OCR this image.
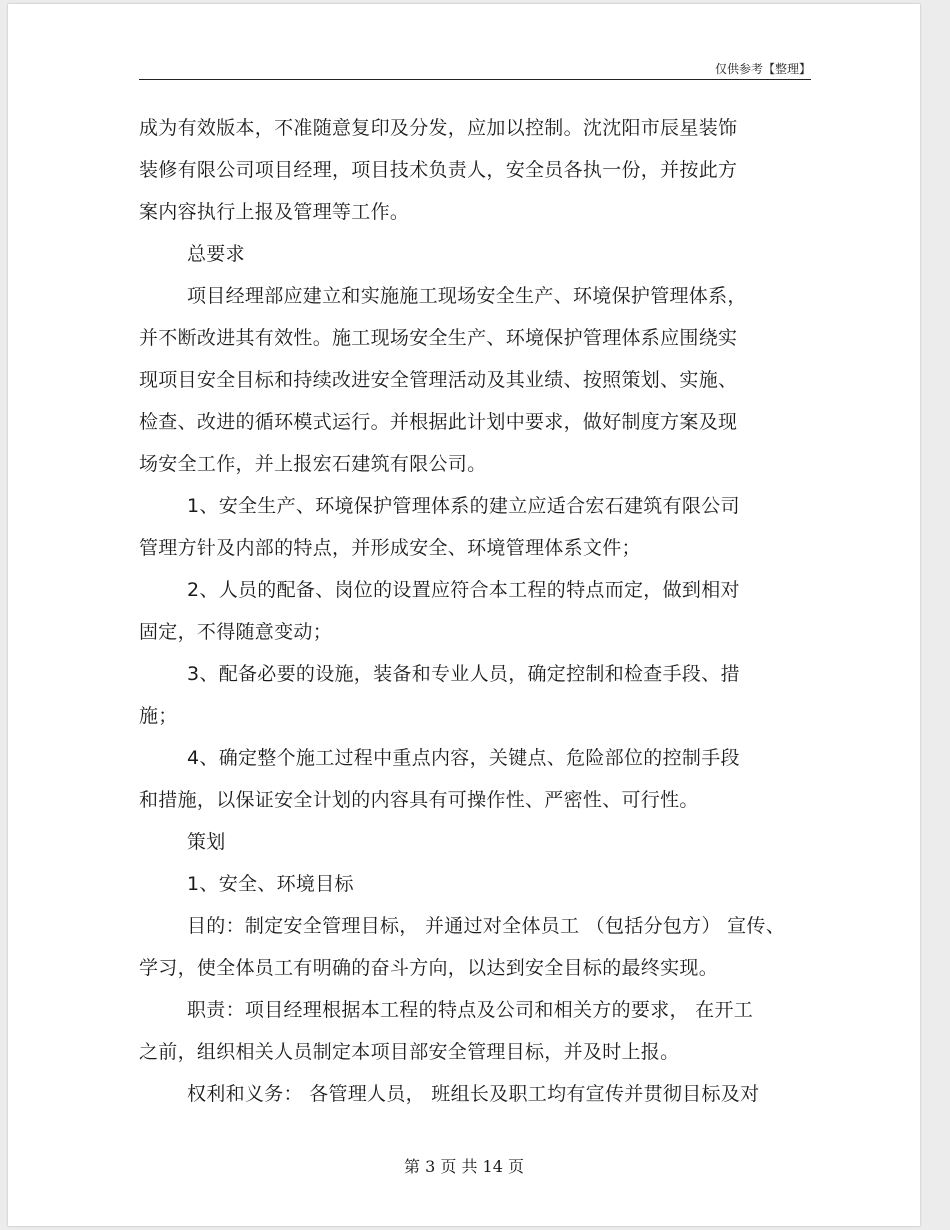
仅供参考【整理】
成为有效版本，不准随意复印及分发，应加以控制。沈沈阳市辰星装饰
装修有限公司项目经理，项目技术负责人，安全员各执一份，并按此方
案内容执行上报及管理等工作。
总要求
项目经理部应建立和实施施工现场安全生产、环境保护管理体系，
并不断改进其有效性。施工现场安全生产、环境保护管理体系应围绕实
现项目安全目标和持续改进安全管理活动及其业绩、按照策划、实施、
检查、改进的循环模式运行。并根据此计划中要求，做好制度方案及现
场安全工作，并上报宏石建筑有限公司。
1、安全生产、环境保护管理体系的建立应适合宏石建筑有限公司
管理方针及内部的特点，并形成安全、环境管理体系文件；
2、人员的配备、岗位的设置应符合本工程的特点而定，做到相对
固定，不得随意变动；
3、配备必要的设施，装备和专业人员，确定控制和检查手段、措
施；
4、确定整个施工过程中重点内容，关键点、危险部位的控制手段
和措施，以保证安全计划的内容具有可操作性、严密性、可行性。
策划
1、安全、环境目标
目的：制定安全管理目标， 并通过对全体员工 （包括分包方） 宣传、
学习，使全体员工有明确的奋斗方向，以达到安全目标的最终实现。
职责：项目经理根据本工程的特点及公司和相关方的要求， 在开工
之前，组织相关人员制定本项目部安全管理目标，并及时上报。
权利和义务： 各管理人员， 班组长及职工均有宣传并贯彻目标及对
第 3 页 共 14 页
